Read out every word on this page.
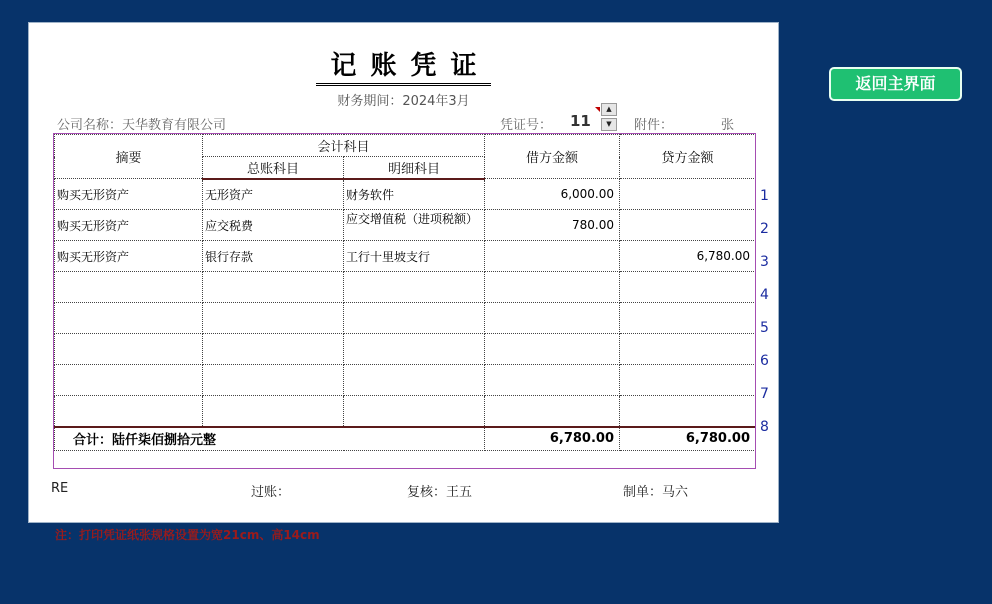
记账凭证
财务期间：2024年3月
公司名称：天华教育有限公司	凭证号： 11
▲
▼	附件：	张
摘要	会计科目		借方金额	贷方金额
	总账科目	明细科目		
购买无形资产	无形资产	财务软件	6,000.00	
购买无形资产	应交税费	应交增值税（进项税额）	780.00	
购买无形资产	银行存款	工行十里坡支行		6,780.00

合计：陆仟柒佰捌拾元整			6,780.00	6,780.00
1
2
3
4
5
6
7
8
RE	过账：	复核：王五	制单：马六
注：打印凭证纸张规格设置为宽21cm、高14cm
返回主界面
